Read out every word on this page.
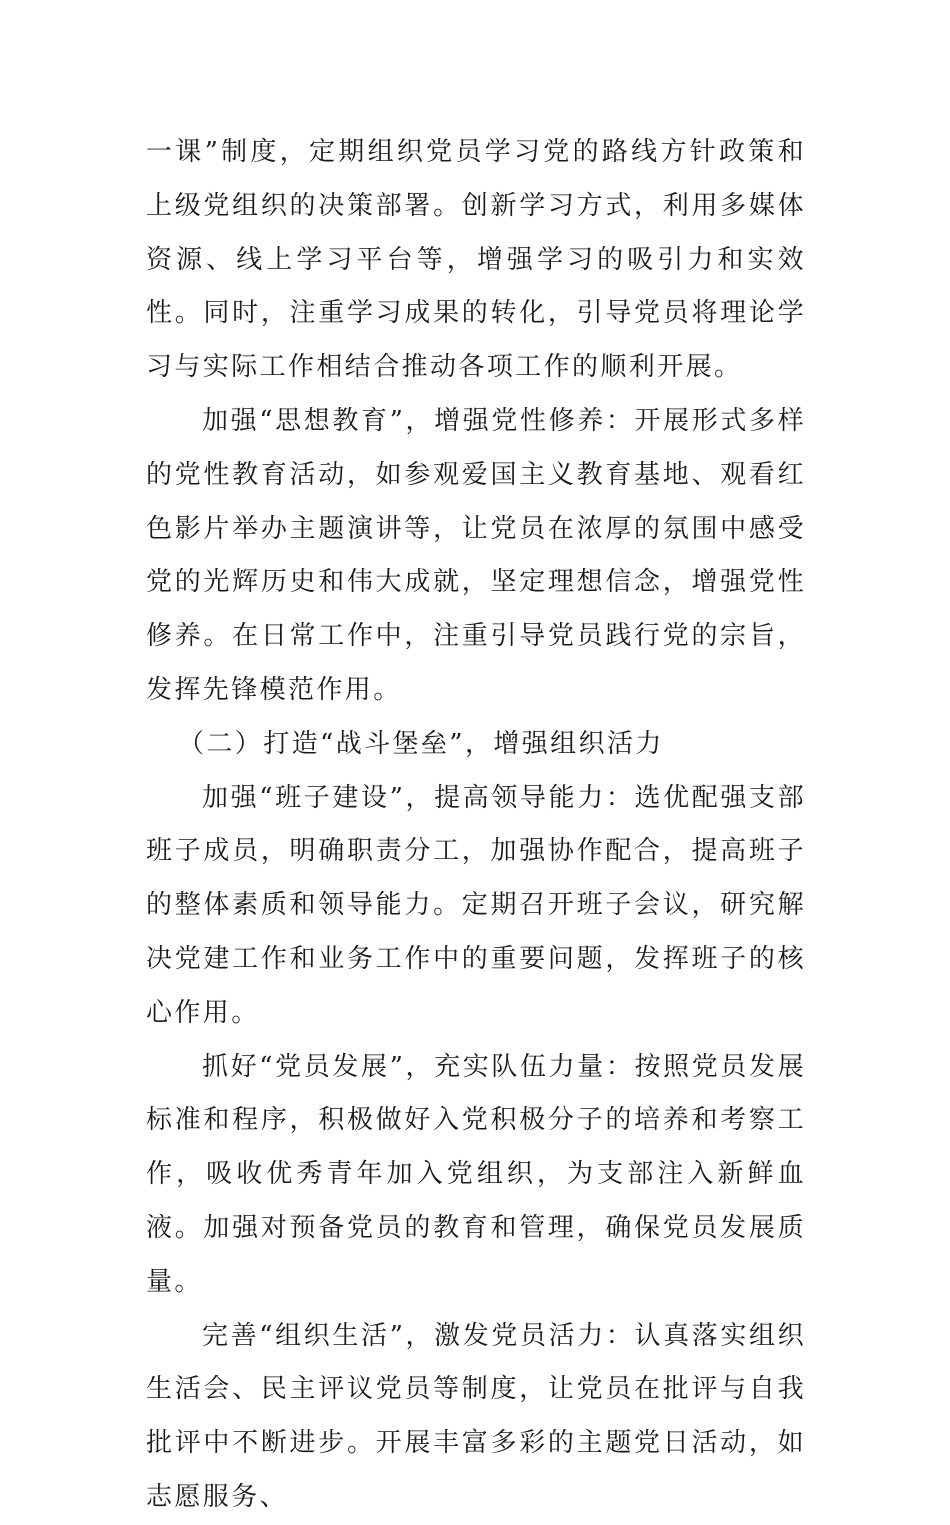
一课”制度，定期组织党员学习党的路线方针政策和上级党组织的决策部署。创新学习方式，利用多媒体资源、线上学习平台等，增强学习的吸引力和实效性。同时，注重学习成果的转化，引导党员将理论学习与实际工作相结合推动各项工作的顺利开展。

加强“思想教育”，增强党性修养：开展形式多样的党性教育活动，如参观爱国主义教育基地、观看红色影片举办主题演讲等，让党员在浓厚的氛围中感受党的光辉历史和伟大成就，坚定理想信念，增强党性修养。在日常工作中，注重引导党员践行党的宗旨，发挥先锋模范作用。

（二）打造“战斗堡垒”，增强组织活力

加强“班子建设”，提高领导能力：选优配强支部班子成员，明确职责分工，加强协作配合，提高班子的整体素质和领导能力。定期召开班子会议，研究解决党建工作和业务工作中的重要问题，发挥班子的核心作用。

抓好“党员发展”，充实队伍力量：按照党员发展标准和程序，积极做好入党积极分子的培养和考察工作，吸收优秀青年加入党组织，为支部注入新鲜血液。加强对预备党员的教育和管理，确保党员发展质量。

完善“组织生活”，激发党员活力：认真落实组织生活会、民主评议党员等制度，让党员在批评与自我批评中不断进步。开展丰富多彩的主题党日活动，如志愿服务、
